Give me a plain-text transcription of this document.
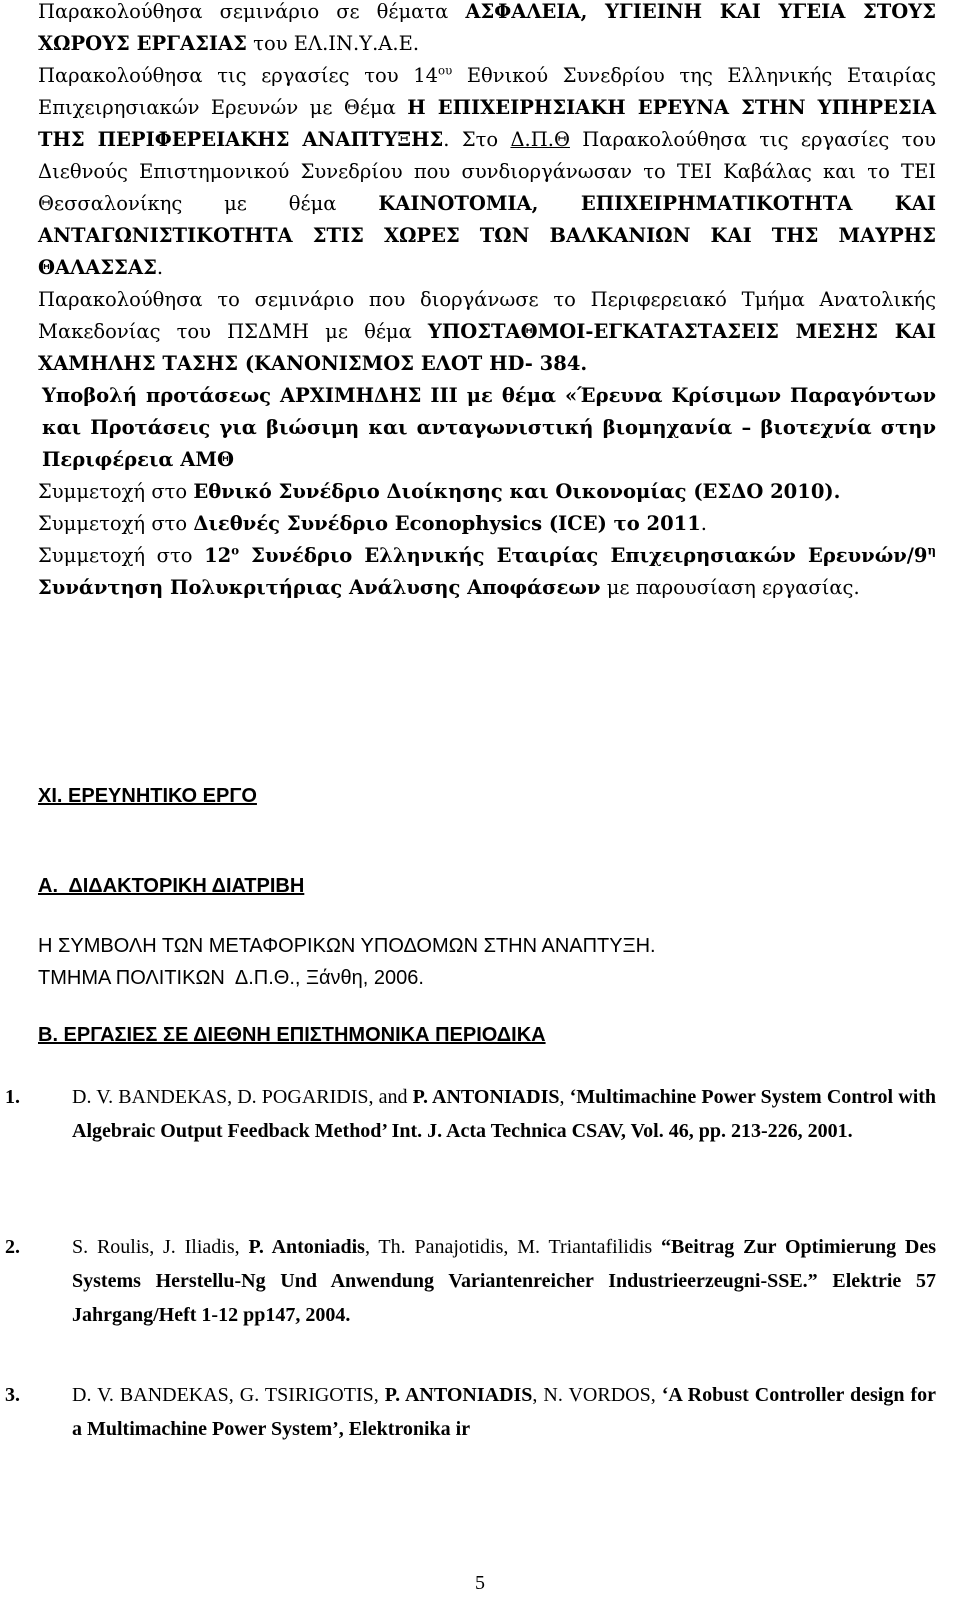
Παρακολούθησα σεμινάριο σε θέματα ΑΣΦΑΛΕΙΑ, ΥΓΙΕΙΝΗ ΚΑΙ ΥΓΕΙΑ ΣΤΟΥΣ ΧΩΡΟΥΣ ΕΡΓΑΣΙΑΣ του ΕΛ.ΙΝ.Υ.Α.Ε.

Παρακολούθησα τις εργασίες του $14^{o\upsilon}$ Εθνικού Συνεδρίου της Ελληνικής Εταιρίας Επιχειρησιακών Ερευνών με Θέμα Η ΕΠΙΧΕΙΡΗΣΙΑΚΗ ΕΡΕΥΝΑ ΣΤΗΝ ΥΠΗΡΕΣΙΑ ΤΗΣ ΠΕΡΙΦΕΡΕΙΑΚΗΣ ΑΝΑΠΤΥΞΗΣ. Στο Δ.Π.Θ Παρακολούθησα τις εργασίες του Διεθνούς Επιστημονικού Συνεδρίου που συνδιοργάνωσαν το ΤΕΙ Καβάλας και το ΤΕΙ Θεσσαλονίκης με θέμα ΚΑΙΝΟΤΟΜΙΑ, ΕΠΙΧΕΙΡΗΜΑΤΙΚΟΤΗΤΑ ΚΑΙ ΑΝΤΑΓΩΝΙΣΤΙΚΟΤΗΤΑ ΣΤΙΣ ΧΩΡΕΣ ΤΩΝ ΒΑΛΚΑΝΙΩΝ ΚΑΙ ΤΗΣ ΜΑΥΡΗΣ ΘΑΛΑΣΣΑΣ.

Παρακολούθησα το σεμινάριο που διοργάνωσε το Περιφερειακό Τμήμα Ανατολικής Μακεδονίας του ΠΣΔΜΗ με θέμα ΥΠΟΣΤΑΘΜΟΙ-ΕΓΚΑΤΑΣΤΑΣΕΙΣ ΜΕΣΗΣ ΚΑΙ ΧΑΜΗΛΗΣ ΤΑΣΗΣ (ΚΑΝΟΝΙΣΜΟΣ ΕΛΟΤ HD- 384.

Υποβολή προτάσεως ΑΡΧΙΜΗΔΗΣ ΙΙΙ με θέμα «Έρευνα Κρίσιμων Παραγόντων και Προτάσεις για βιώσιμη και ανταγωνιστική βιομηχανία – βιοτεχνία στην Περιφέρεια ΑΜΘ

Συμμετοχή στο Εθνικό Συνέδριο Διοίκησης και Οικονομίας (ΕΣΔΟ 2010).

Συμμετοχή στο Διεθνές Συνέδριο Econophysics (ICE) το 2011.

Συμμετοχή στο $12^o$ Συνέδριο Ελληνικής Εταιρίας Επιχειρησιακών Ερευνών/$9^\eta$ Συνάντηση Πολυκριτήριας Ανάλυσης Αποφάσεων με παρουσίαση εργασίας.

XI. ΕΡΕΥΝΗΤΙΚΟ ΕΡΓΟ

Α.  ΔΙΔΑΚΤΟΡΙΚΗ ΔΙΑΤΡΙΒΗ

Η ΣΥΜΒΟΛΗ ΤΩΝ ΜΕΤΑΦΟΡΙΚΩΝ ΥΠΟΔΟΜΩΝ ΣΤΗΝ ΑΝΑΠΤΥΞΗ.

ΤΜΗΜΑ ΠΟΛΙΤΙΚΩΝ  Δ.Π.Θ., Ξάνθη, 2006.

Β. ΕΡΓΑΣΙΕΣ ΣΕ ΔΙΕΘΝΗ ΕΠΙΣΤΗΜΟΝΙΚΑ ΠΕΡΙΟΔΙΚΑ

1.	D. V. BANDEKAS, D. POGARIDIS, and P. ANTONIADIS, ‘Multimachine Power System Control with Algebraic Output Feedback Method’ Int. J. Acta Technica CSAV, Vol. 46, pp. 213-226, 2001.
2.	S. Roulis, J. Iliadis, P. Antoniadis, Th. Panajotidis, M. Triantafilidis “Beitrag Zur Optimierung Des Systems Herstellu-Ng Und Anwendung Variantenreicher Industrieerzeugni-SSE.” Elektrie 57 Jahrgang/Heft 1-12 pp147, 2004.
3.	D. V. BANDEKAS, G. TSIRIGOTIS, P. ANTONIADIS, N. VORDOS, ‘A Robust Controller design for a Multimachine Power System’, Elektronika ir
5
